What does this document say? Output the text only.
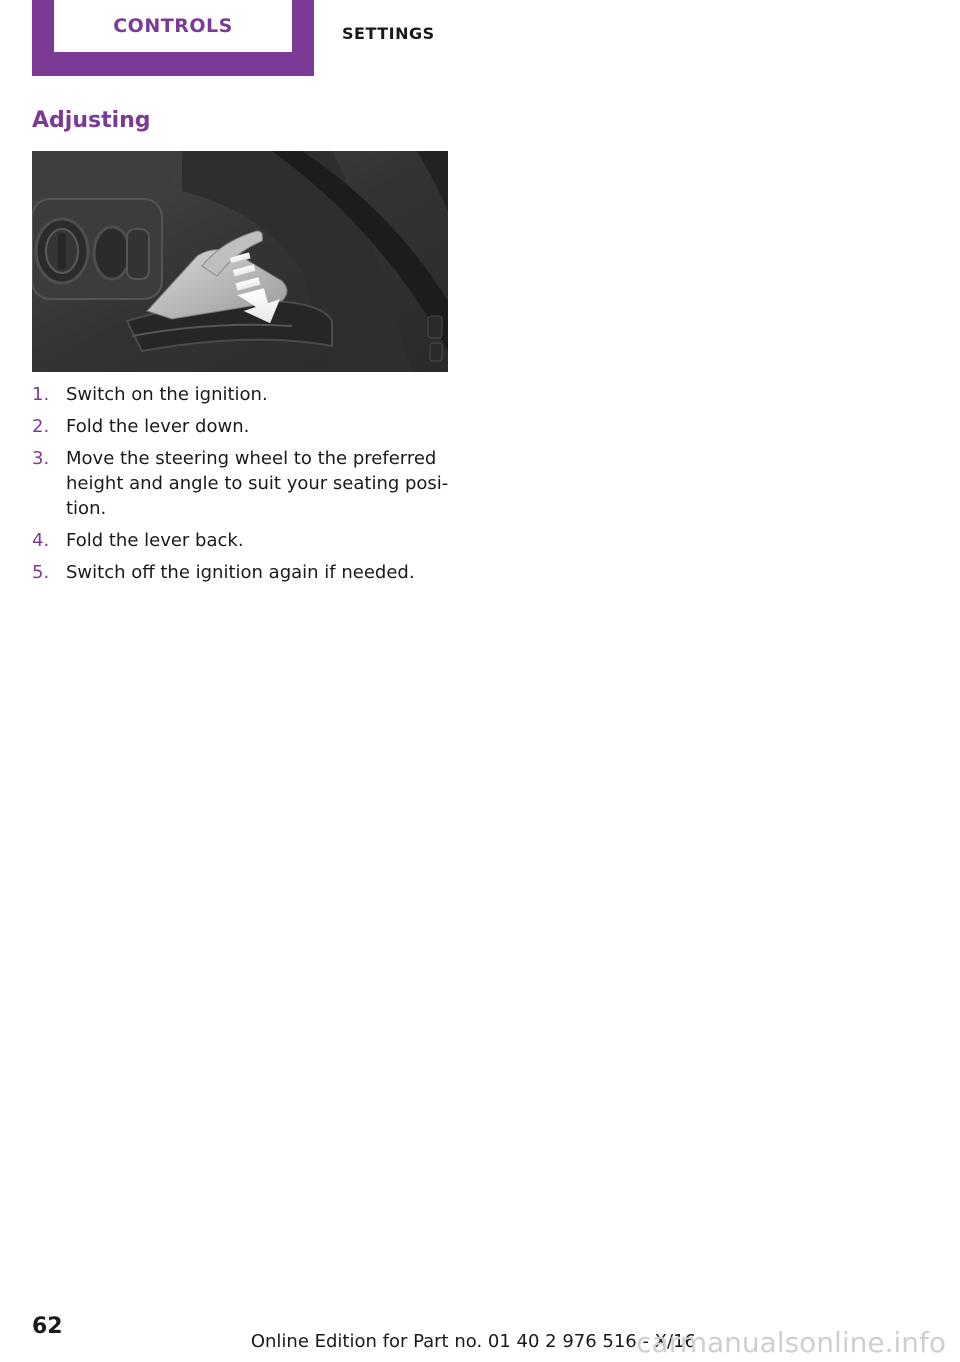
CONTROLS	SETTINGS
Adjusting
1. Switch on the ignition.
2. Fold the lever down.
3. Move the steering wheel to the preferred height and angle to suit your seating posi‐ tion.
4. Fold the lever back.
5. Switch off the ignition again if needed.
62
Online Edition for Part no. 01 40 2 976 516 - X/16
carmanualsonline.info
